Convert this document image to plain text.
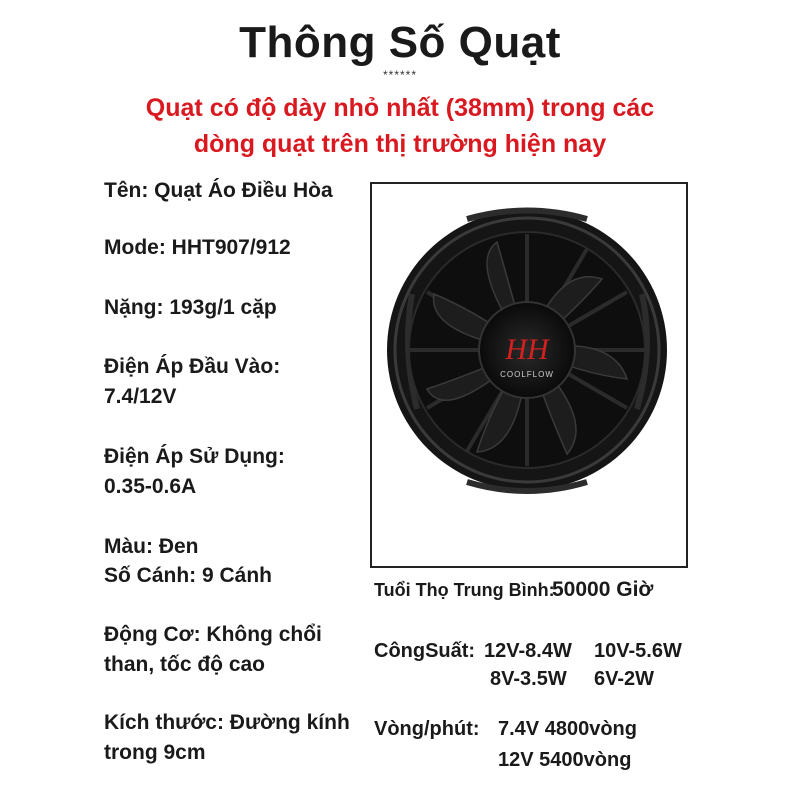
Thông Số Quạt
******
Quạt có độ dày nhỏ nhất (38mm) trong các
dòng quạt trên thị trường hiện nay
Tên: Quạt Áo Điều Hòa
Mode: HHT907/912
Nặng: 193g/1 cặp
Điện Áp Đầu Vào:
7.4/12V
Điện Áp Sử Dụng:
0.35-0.6A
Màu: Đen
Số Cánh: 9 Cánh
Động Cơ: Không chổi
than, tốc độ cao
Kích thước: Đường kính
trong 9cm
HH
COOLFLOW
Tuổi Thọ Trung Bình:
50000 Giờ
CôngSuất: 12V-8.4W 10V-5.6W
8V-3.5W 6V-2W
Vòng/phút: 7.4V 4800vòng
12V 5400vòng
